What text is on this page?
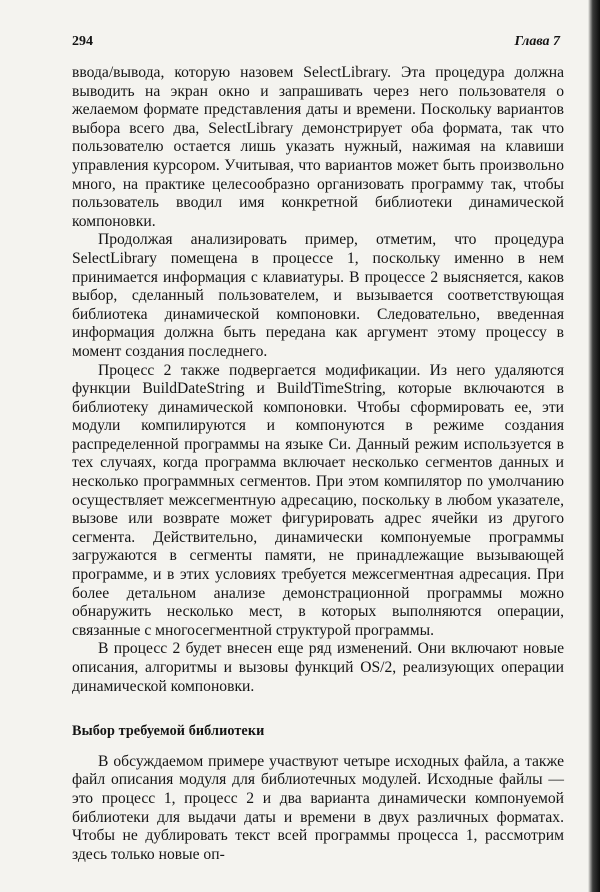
294	Глава 7

ввода/вывода, которую назовем SelectLibrary. Эта процедура должна выводить на экран окно и запрашивать через него пользователя о желаемом формате представления даты и времени. Поскольку вариантов выбора всего два, SelectLibrary демонстрирует оба формата, так что пользователю остается лишь указать нужный, нажимая на клавиши управления курсором. Учитывая, что вариантов может быть произвольно много, на практике целесообразно организовать программу так, чтобы пользователь вводил имя конкретной библиотеки динамической компоновки.

Продолжая анализировать пример, отметим, что процедура SelectLibrary помещена в процессе 1, поскольку именно в нем принимается информация с клавиатуры. В процессе 2 выясняется, каков выбор, сделанный пользователем, и вызывается соответствующая библиотека динамической компоновки. Следовательно, введенная информация должна быть передана как аргумент этому процессу в момент создания последнего.

Процесс 2 также подвергается модификации. Из него удаляются функции BuildDateString и BuildTimeString, которые включаются в библиотеку динамической компоновки. Чтобы сформировать ее, эти модули компилируются и компонуются в режиме создания распределенной программы на языке Си. Данный режим используется в тех случаях, когда программа включает несколько сегментов данных и несколько программных сегментов. При этом компилятор по умолчанию осуществляет межсегментную адресацию, поскольку в любом указателе, вызове или возврате может фигурировать адрес ячейки из другого сегмента. Действительно, динамически компонуемые программы загружаются в сегменты памяти, не принадлежащие вызывающей программе, и в этих условиях требуется межсегментная адресация. При более детальном анализе демонстрационной программы можно обнаружить несколько мест, в которых выполняются операции, связанные с многосегментной структурой программы.

В процесс 2 будет внесен еще ряд изменений. Они включают новые описания, алгоритмы и вызовы функций OS/2, реализующих операции динамической компоновки.

Выбор требуемой библиотеки

В обсуждаемом примере участвуют четыре исходных файла, а также файл описания модуля для библиотечных модулей. Исходные файлы — это процесс 1, процесс 2 и два варианта динамически компонуемой библиотеки для выдачи даты и времени в двух различных форматах. Чтобы не дублировать текст всей программы процесса 1, рассмотрим здесь только новые оп-
